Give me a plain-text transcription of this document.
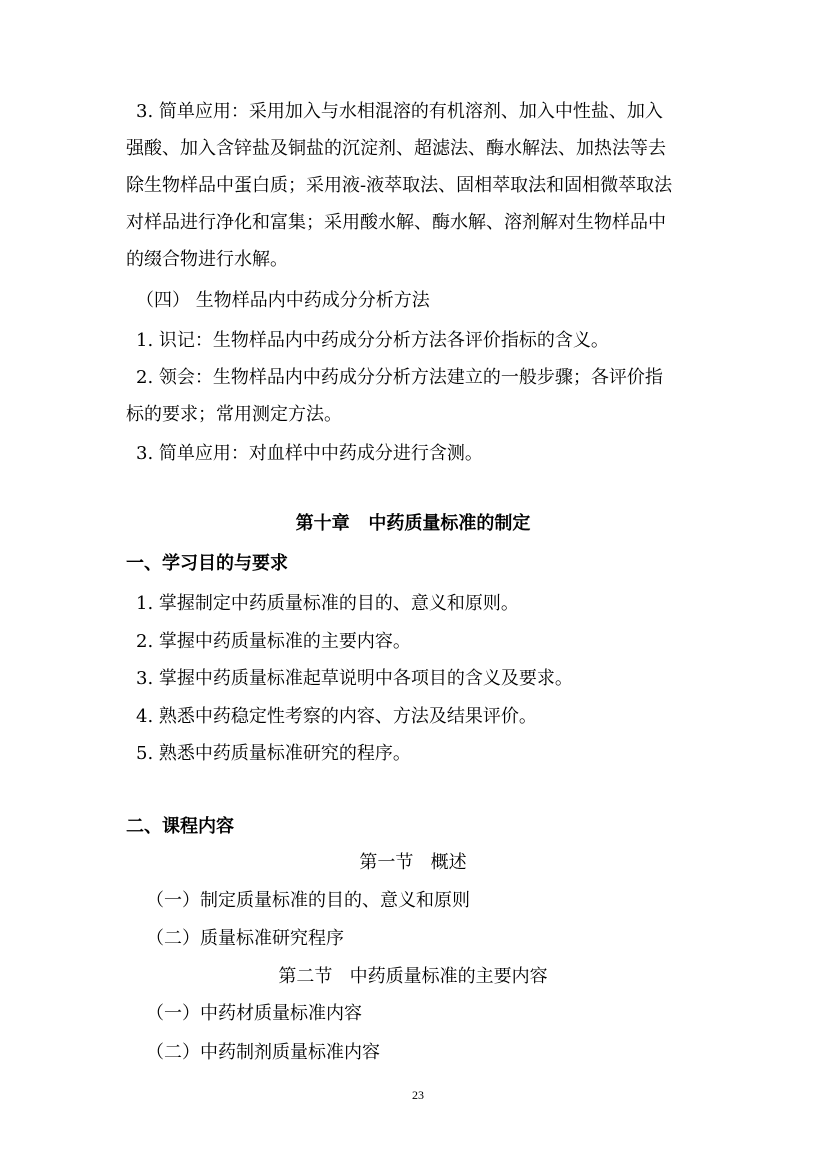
3. 简单应用：采用加入与水相混溶的有机溶剂、加入中性盐、加入
强酸、加入含锌盐及铜盐的沉淀剂、超滤法、酶水解法、加热法等去
除生物样品中蛋白质；采用液-液萃取法、固相萃取法和固相微萃取法
对样品进行净化和富集；采用酸水解、酶水解、溶剂解对生物样品中
的缀合物进行水解。
（四） 生物样品内中药成分分析方法
1. 识记：生物样品内中药成分分析方法各评价指标的含义。
2. 领会：生物样品内中药成分分析方法建立的一般步骤；各评价指
标的要求；常用测定方法。
3. 简单应用：对血样中中药成分进行含测。
第十章   中药质量标准的制定
一、学习目的与要求
1. 掌握制定中药质量标准的目的、意义和原则。
2. 掌握中药质量标准的主要内容。
3. 掌握中药质量标准起草说明中各项目的含义及要求。
4. 熟悉中药稳定性考察的内容、方法及结果评价。
5. 熟悉中药质量标准研究的程序。
二、课程内容
第一节   概述
（一）制定质量标准的目的、意义和原则
（二）质量标准研究程序
第二节   中药质量标准的主要内容
（一）中药材质量标准内容
（二）中药制剂质量标准内容
23
